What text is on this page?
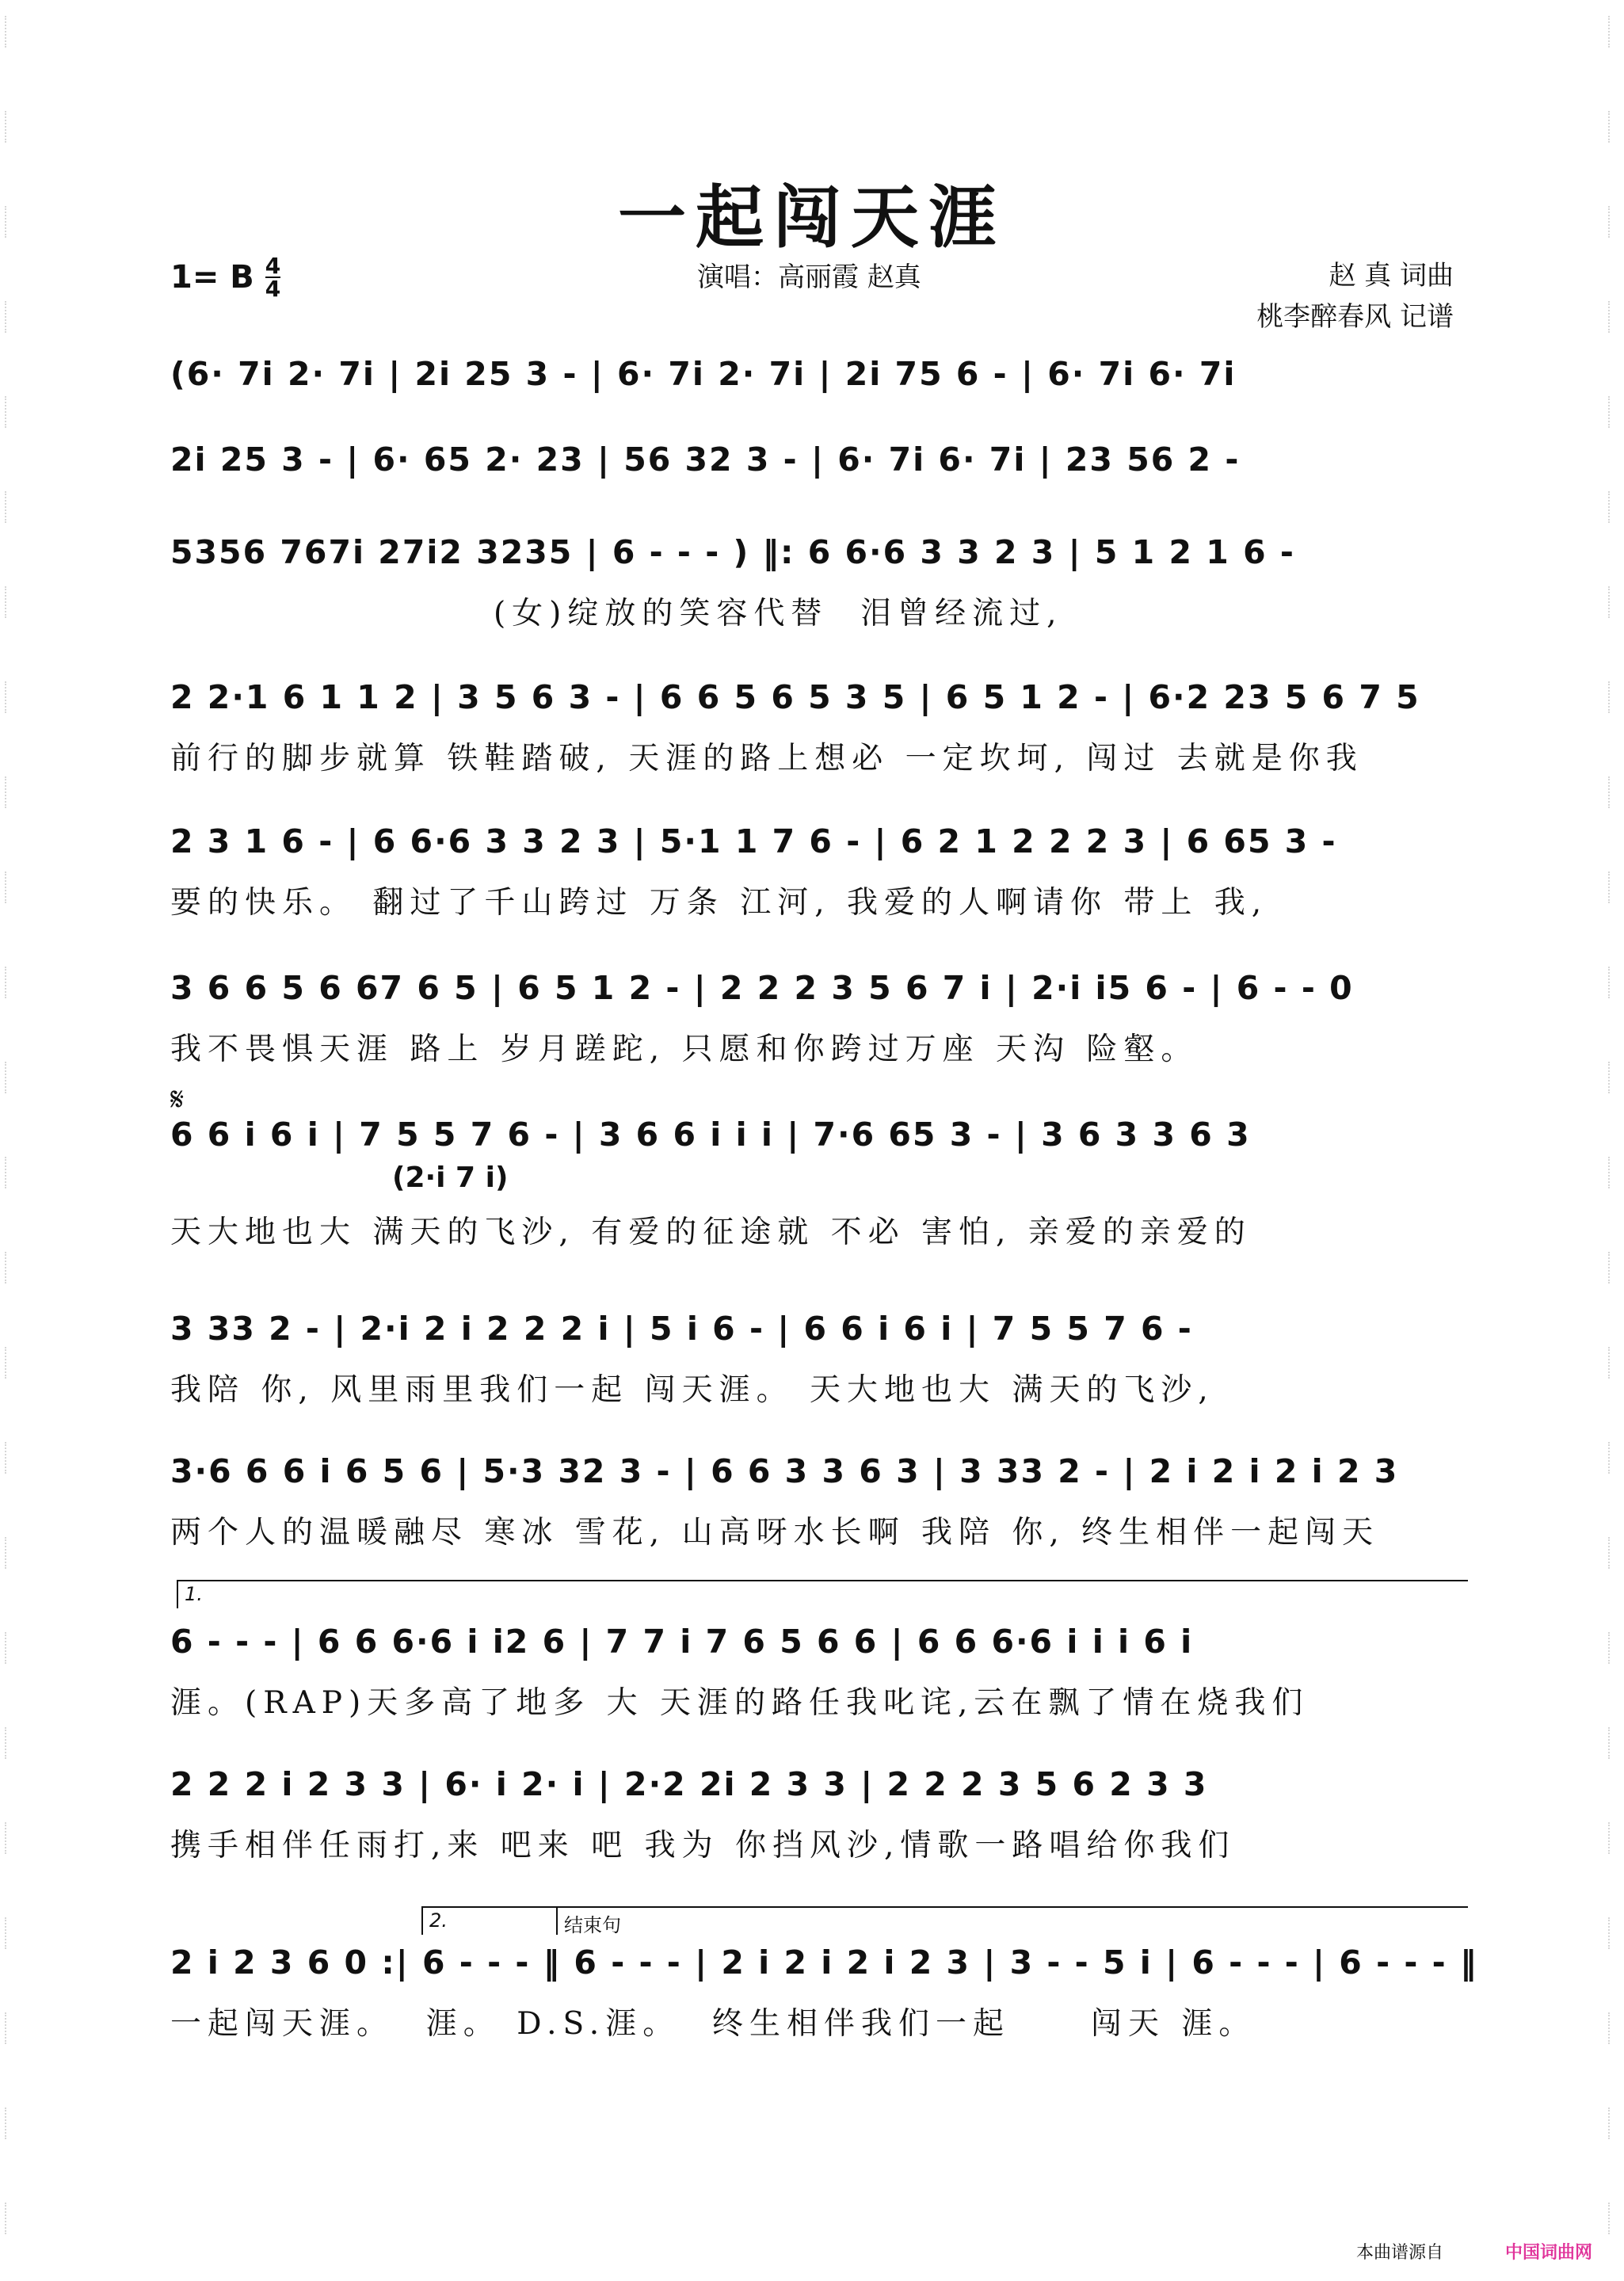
一起闯天涯
1= B 4
4	演唱：高丽霞 赵真	赵 真 词曲
桃李醉春风 记谱
𝄋
1.
2.	结束句
(6· 7i 2· 7i | 2i 25 3 - | 6· 7i 2· 7i | 2i 75 6 - | 6· 7i 6· 7i
2i 25 3 - | 6· 65 2· 23 | 56 32 3 - | 6· 7i 6· 7i | 23 56 2 -
5356 767i 27i2 3235 | 6 - - - ) ‖: 6 6·6 3 3 2 3 | 5 1 2 1 6 -
(女)绽放的笑容代替  泪曾经流过,
2 2·1 6 1 1 2 | 3 5 6 3 - | 6 6 5 6 5 3 5 | 6 5 1 2 - | 6·2 23 5 6 7 5
前行的脚步就算 铁鞋踏破, 天涯的路上想必 一定坎坷, 闯过 去就是你我
2 3 1 6 - | 6 6·6 3 3 2 3 | 5·1 1 7 6 - | 6 2 1 2 2 2 3 | 6 65 3 -
要的快乐。 翻过了千山跨过 万条 江河, 我爱的人啊请你 带上 我,
3 6 6 5 6 67 6 5 | 6 5 1 2 - | 2 2 2 3 5 6 7 i | 2·i i5 6 - | 6 - - 0
我不畏惧天涯 路上 岁月蹉跎, 只愿和你跨过万座 天沟 险壑。
6 6 i 6 i | 7 5 5 7 6 - | 3 6 6 i i i | 7·6 65 3 - | 3 6 3 3 6 3
(2·i 7 i)
天大地也大 满天的飞沙, 有爱的征途就 不必 害怕, 亲爱的亲爱的
3 33 2 - | 2·i 2 i 2 2 2 i | 5 i 6 - | 6 6 i 6 i | 7 5 5 7 6 -
我陪 你, 风里雨里我们一起 闯天涯。 天大地也大 满天的飞沙,
3·6 6 6 i 6 5 6 | 5·3 32 3 - | 6 6 3 3 6 3 | 3 33 2 - | 2 i 2 i 2 i 2 3
两个人的温暖融尽 寒冰 雪花, 山高呀水长啊 我陪 你, 终生相伴一起闯天
6 - - - | 6 6 6·6 i i2 6 | 7 7 i 7 6 5 6 6 | 6 6 6·6 i i i 6 i
涯。(RAP)天多高了地多 大 天涯的路任我叱诧,云在飘了情在烧我们
2 2 2 i 2 3 3 | 6· i 2· i | 2·2 2i 2 3 3 | 2 2 2 3 5 6 2 3 3
携手相伴任雨打,来 吧来 吧 我为 你挡风沙,情歌一路唱给你我们
2 i 2 3 6 0 :| 6 - - - ‖ 6 - - - | 2 i 2 i 2 i 2 3 | 3 - - 5 i | 6 - - - | 6 - - - ‖
一起闯天涯。  涯。 D.S.涯。  终生相伴我们一起     闯天 涯。
本曲谱源自	中国词曲网
